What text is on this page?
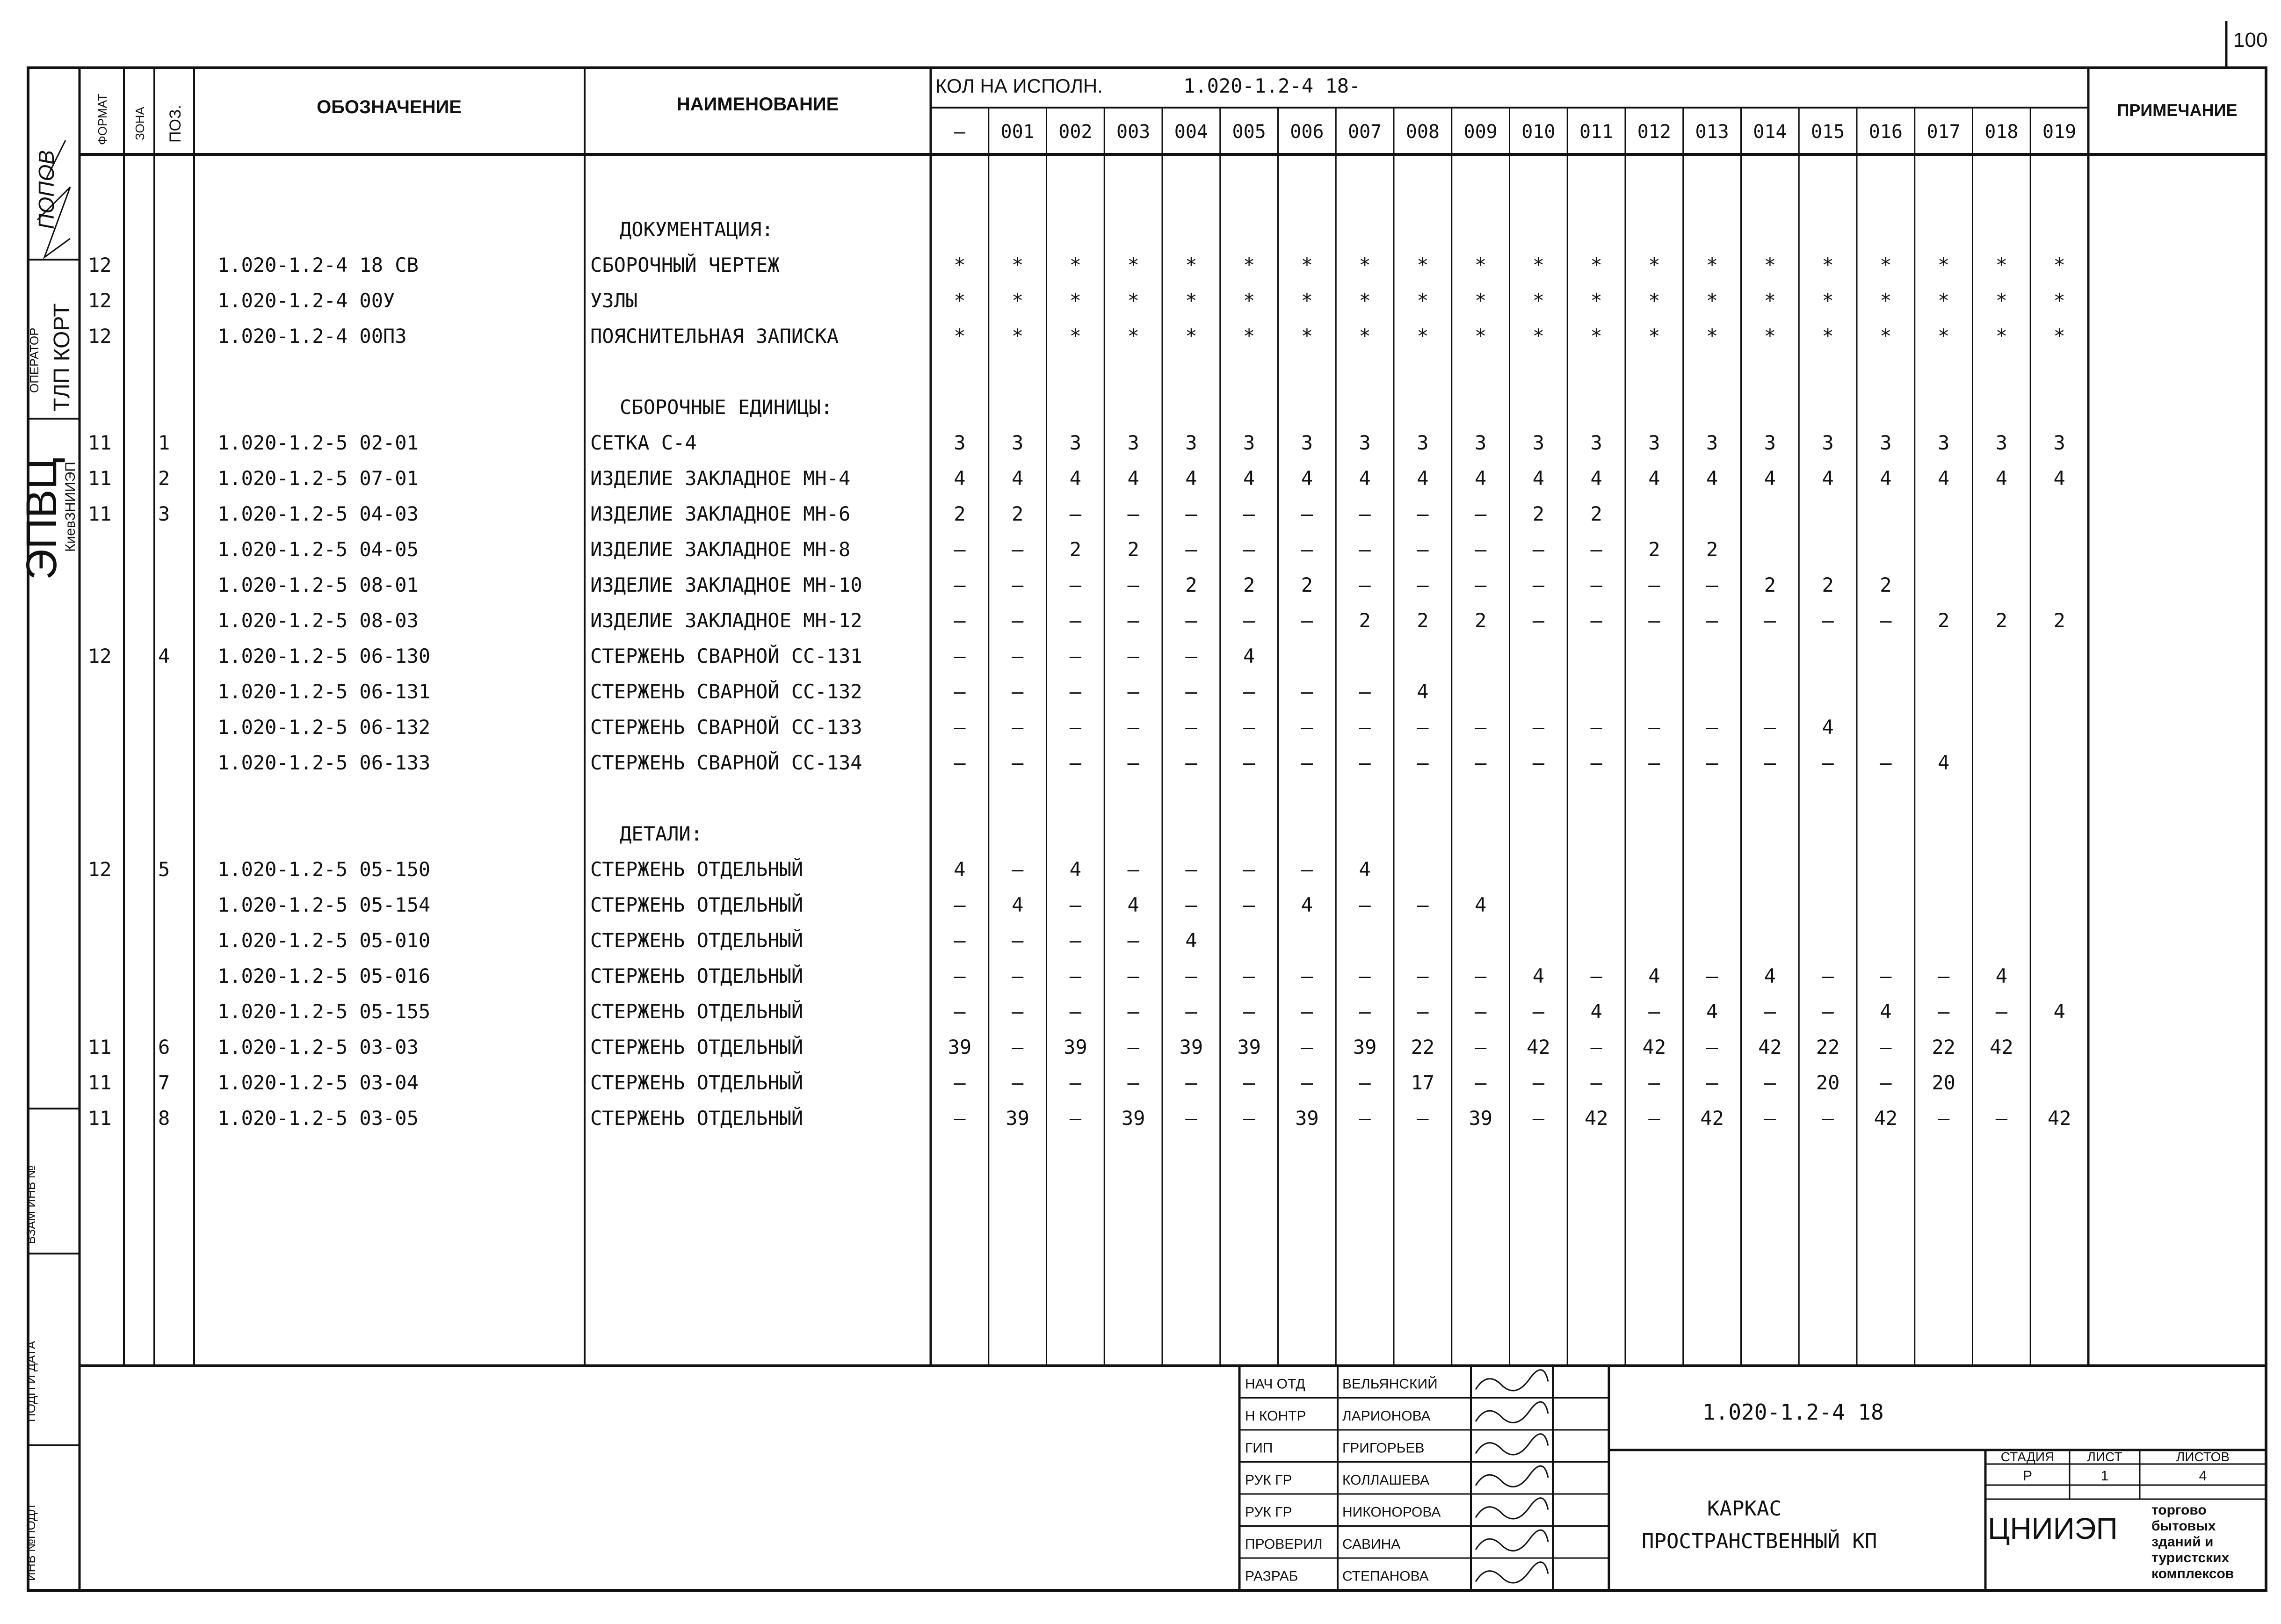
100
ФОРМАТ ЗОНА ПОЗ.	ОБОЗНАЧЕНИЕ	НАИМЕНОВАНИЕ
КОЛ НА ИСПОЛН.	1.020-1.2-4 18-
ПРИМЕЧАНИЕ
– 001 002 003 004 005 006 007 008 009 010 011 012 013 014 015 016 017 018 019
ДОКУМЕНТАЦИЯ:
12	1.020-1.2-4 18 СВ	СБОРОЧНЫЙ ЧЕРТЕЖ	* * * * * * * * * * * * * * * * * * * *
12	1.020-1.2-4 00У	УЗЛЫ	* * * * * * * * * * * * * * * * * * * *
12	1.020-1.2-4 00ПЗ	ПОЯСНИТЕЛЬНАЯ ЗАПИСКА	* * * * * * * * * * * * * * * * * * * *
СБОРОЧНЫЕ ЕДИНИЦЫ:
11 1 1.020-1.2-5 02-01	СЕТКА С-4	3 3 3 3 3 3 3 3 3 3 3 3 3 3 3 3 3 3 3 3
11 2 1.020-1.2-5 07-01	ИЗДЕЛИЕ ЗАКЛАДНОЕ МН-4	4 4 4 4 4 4 4 4 4 4 4 4 4 4 4 4 4 4 4 4
11 3 1.020-1.2-5 04-03	ИЗДЕЛИЕ ЗАКЛАДНОЕ МН-6	2 2 – – – – – – – – 2 2
1.020-1.2-5 04-05	ИЗДЕЛИЕ ЗАКЛАДНОЕ МН-8	– – 2 2 – – – – – – – – 2 2
1.020-1.2-5 08-01	ИЗДЕЛИЕ ЗАКЛАДНОЕ МН-10	– – – – 2 2 2 – – – – – – – 2 2 2
1.020-1.2-5 08-03	ИЗДЕЛИЕ ЗАКЛАДНОЕ МН-12	– – – – – – – 2 2 2 – – – – – – – 2 2 2
12 4 1.020-1.2-5 06-130	СТЕРЖЕНЬ СВАРНОЙ СС-131	– – – – – 4
1.020-1.2-5 06-131	СТЕРЖЕНЬ СВАРНОЙ СС-132	– – – – – – – – 4
1.020-1.2-5 06-132	СТЕРЖЕНЬ СВАРНОЙ СС-133	– – – – – – – – – – – – – – – 4
1.020-1.2-5 06-133	СТЕРЖЕНЬ СВАРНОЙ СС-134	– – – – – – – – – – – – – – – – – 4
ДЕТАЛИ:
12 5 1.020-1.2-5 05-150	СТЕРЖЕНЬ ОТДЕЛЬНЫЙ	4 – 4 – – – – 4
1.020-1.2-5 05-154	СТЕРЖЕНЬ ОТДЕЛЬНЫЙ	– 4 – 4 – – 4 – – 4
1.020-1.2-5 05-010	СТЕРЖЕНЬ ОТДЕЛЬНЫЙ	– – – – 4
1.020-1.2-5 05-016	СТЕРЖЕНЬ ОТДЕЛЬНЫЙ	– – – – – – – – – – 4 – 4 – 4 – – – 4
1.020-1.2-5 05-155	СТЕРЖЕНЬ ОТДЕЛЬНЫЙ	– – – – – – – – – – – 4 – 4 – – 4 – – 4
11 6 1.020-1.2-5 03-03	СТЕРЖЕНЬ ОТДЕЛЬНЫЙ	39 – 39 – 39 39 – 39 22 – 42 – 42 – 42 22 – 22 42
11 7 1.020-1.2-5 03-04	СТЕРЖЕНЬ ОТДЕЛЬНЫЙ	– – – – – – – – 17 – – – – – – 20 – 20
11 8 1.020-1.2-5 03-05	СТЕРЖЕНЬ ОТДЕЛЬНЫЙ	– 39 – 39 – – 39 – – 39 – 42 – 42 – – 42 – – 42
ПОПОВ
ОПЕРАТОР ТЛП КОРТ
ЭПВЦ
КиевЗНИИЭП
ВЗАМ ИНВ №
ПОДП И ДАТА
ИНВ №ПОДЛ
НАЧ ОТД	ВЕЛЬЯНСКИЙ
Н КОНТР	ЛАРИОНОВА
ГИП	ГРИГОРЬЕВ
РУК ГР	КОЛЛАШЕВА
РУК ГР	НИКОНОРОВА
ПРОВЕРИЛ САВИНА
РАЗРАБ	СТЕПАНОВА
1.020-1.2-4 18
КАРКАС
ПРОСТРАНСТВЕННЫЙ КП
СТАДИЯ	ЛИСТ	ЛИСТОВ
Р	1	4
ЦНИИЭП
торгово
бытовых
зданий и
туристских
комплексов
